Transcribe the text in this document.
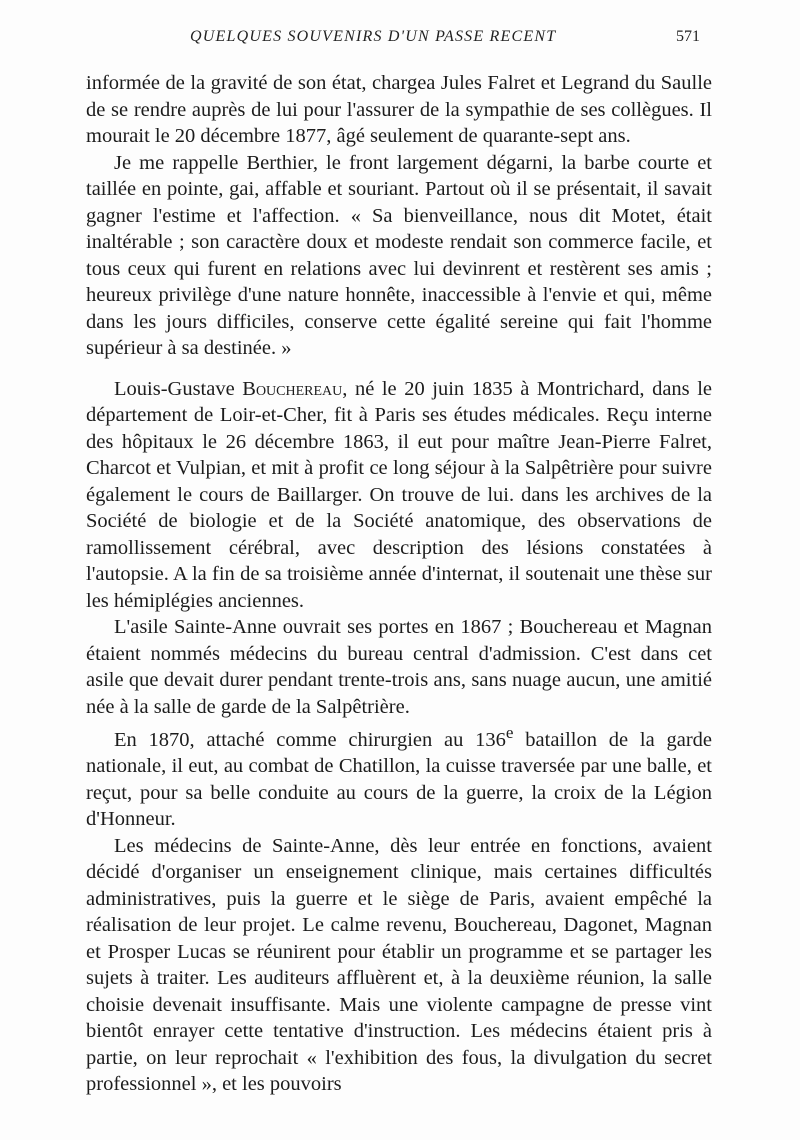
QUELQUES SOUVENIRS D'UN PASSE RECENT	571

informée de la gravité de son état, chargea Jules Falret et Legrand du Saulle de se rendre auprès de lui pour l'assurer de la sympathie de ses collègues. Il mourait le 20 décembre 1877, âgé seulement de quarante-sept ans.

Je me rappelle Berthier, le front largement dégarni, la barbe courte et taillée en pointe, gai, affable et souriant. Partout où il se présentait, il savait gagner l'estime et l'affection. « Sa bienveillance, nous dit Motet, était inaltérable ; son caractère doux et modeste rendait son commerce facile, et tous ceux qui furent en relations avec lui devinrent et restèrent ses amis ; heureux privilège d'une nature honnête, inaccessible à l'envie et qui, même dans les jours difficiles, conserve cette égalité sereine qui fait l'homme supérieur à sa destinée. »

Louis-Gustave Bouchereau, né le 20 juin 1835 à Montrichard, dans le département de Loir-et-Cher, fit à Paris ses études médicales. Reçu interne des hôpitaux le 26 décembre 1863, il eut pour maître Jean-Pierre Falret, Charcot et Vulpian, et mit à profit ce long séjour à la Salpêtrière pour suivre également le cours de Baillarger. On trouve de lui. dans les archives de la Société de biologie et de la Société anatomique, des observations de ramollissement cérébral, avec description des lésions constatées à l'autopsie. A la fin de sa troisième année d'internat, il soutenait une thèse sur les hémiplégies anciennes.

L'asile Sainte-Anne ouvrait ses portes en 1867 ; Bouchereau et Magnan étaient nommés médecins du bureau central d'admission. C'est dans cet asile que devait durer pendant trente-trois ans, sans nuage aucun, une amitié née à la salle de garde de la Salpêtrière.

En 1870, attaché comme chirurgien au 136e bataillon de la garde nationale, il eut, au combat de Chatillon, la cuisse traversée par une balle, et reçut, pour sa belle conduite au cours de la guerre, la croix de la Légion d'Honneur.

Les médecins de Sainte-Anne, dès leur entrée en fonctions, avaient décidé d'organiser un enseignement clinique, mais certaines difficultés administratives, puis la guerre et le siège de Paris, avaient empêché la réalisation de leur projet. Le calme revenu, Bouchereau, Dagonet, Magnan et Prosper Lucas se réunirent pour établir un programme et se partager les sujets à traiter. Les auditeurs affluèrent et, à la deuxième réunion, la salle choisie devenait insuffisante. Mais une violente campagne de presse vint bientôt enrayer cette tentative d'instruction. Les médecins étaient pris à partie, on leur reprochait « l'exhibition des fous, la divulgation du secret professionnel », et les pouvoirs
